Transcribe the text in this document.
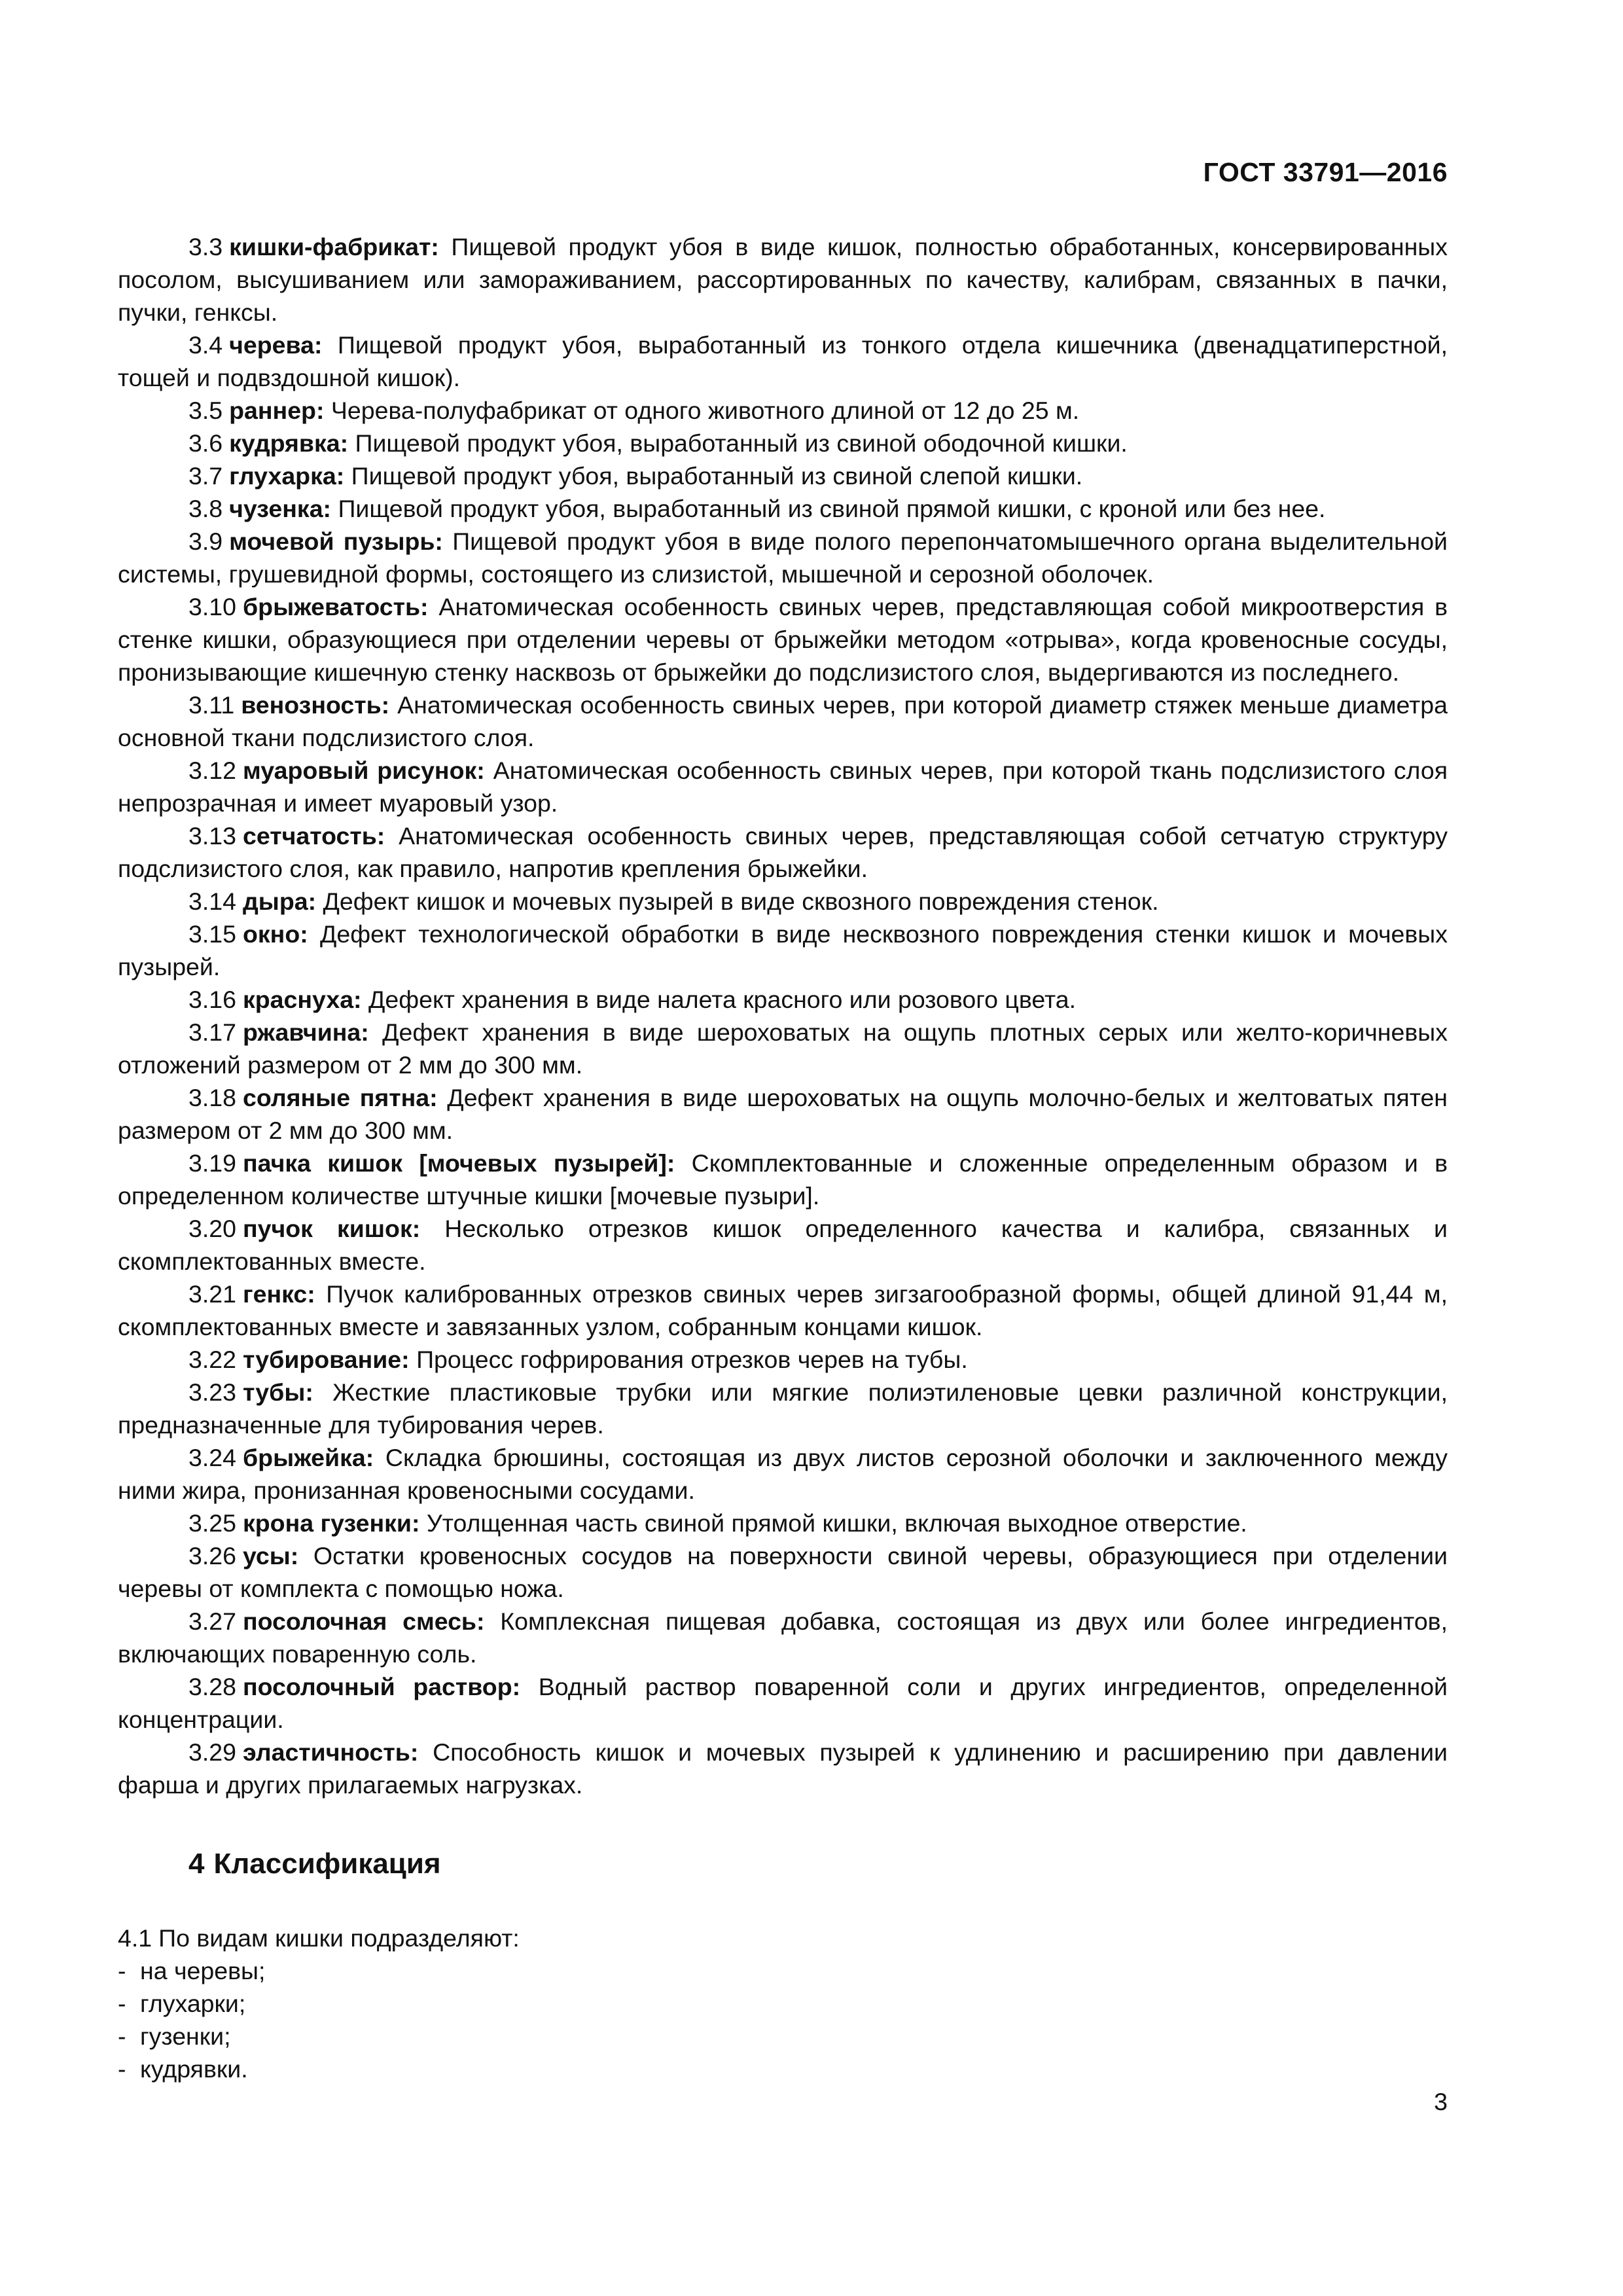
ГОСТ 33791—2016

3.3 кишки-фабрикат: Пищевой продукт убоя в виде кишок, полностью обработанных, консервированных посолом, высушиванием или замораживанием, рассортированных по качеству, калибрам, связанных в пачки, пучки, генксы.

3.4 черева: Пищевой продукт убоя, выработанный из тонкого отдела кишечника (двенадцатиперстной, тощей и подвздошной кишок).

3.5 раннер: Черева-полуфабрикат от одного животного длиной от 12 до 25 м.

3.6 кудрявка: Пищевой продукт убоя, выработанный из свиной ободочной кишки.

3.7 глухарка: Пищевой продукт убоя, выработанный из свиной слепой кишки.

3.8 чузенка: Пищевой продукт убоя, выработанный из свиной прямой кишки, с кроной или без нее.

3.9 мочевой пузырь: Пищевой продукт убоя в виде полого перепончатомышечного органа выделительной системы, грушевидной формы, состоящего из слизистой, мышечной и серозной оболочек.

3.10 брыжеватость: Анатомическая особенность свиных черев, представляющая собой микроотверстия в стенке кишки, образующиеся при отделении черевы от брыжейки методом «отрыва», когда кровеносные сосуды, пронизывающие кишечную стенку насквозь от брыжейки до подслизистого слоя, выдергиваются из последнего.

3.11 венозность: Анатомическая особенность свиных черев, при которой диаметр стяжек меньше диаметра основной ткани подслизистого слоя.

3.12 муаровый рисунок: Анатомическая особенность свиных черев, при которой ткань подслизистого слоя непрозрачная и имеет муаровый узор.

3.13 сетчатость: Анатомическая особенность свиных черев, представляющая собой сетчатую структуру подслизистого слоя, как правило, напротив крепления брыжейки.

3.14 дыра: Дефект кишок и мочевых пузырей в виде сквозного повреждения стенок.

3.15 окно: Дефект технологической обработки в виде несквозного повреждения стенки кишок и мочевых пузырей.

3.16 краснуха: Дефект хранения в виде налета красного или розового цвета.

3.17 ржавчина: Дефект хранения в виде шероховатых на ощупь плотных серых или желто-коричневых отложений размером от 2 мм до 300 мм.

3.18 соляные пятна: Дефект хранения в виде шероховатых на ощупь молочно-белых и желтоватых пятен размером от 2 мм до 300 мм.

3.19 пачка кишок [мочевых пузырей]: Скомплектованные и сложенные определенным образом и в определенном количестве штучные кишки [мочевые пузыри].

3.20 пучок кишок: Несколько отрезков кишок определенного качества и калибра, связанных и скомплектованных вместе.

3.21 генкс: Пучок калиброванных отрезков свиных черев зигзагообразной формы, общей длиной 91,44 м, скомплектованных вместе и завязанных узлом, собранным концами кишок.

3.22 тубирование: Процесс гофрирования отрезков черев на тубы.

3.23 тубы: Жесткие пластиковые трубки или мягкие полиэтиленовые цевки различной конструкции, предназначенные для тубирования черев.

3.24 брыжейка: Складка брюшины, состоящая из двух листов серозной оболочки и заключенного между ними жира, пронизанная кровеносными сосудами.

3.25 крона гузенки: Утолщенная часть свиной прямой кишки, включая выходное отверстие.

3.26 усы: Остатки кровеносных сосудов на поверхности свиной черевы, образующиеся при отделении черевы от комплекта с помощью ножа.

3.27 посолочная смесь: Комплексная пищевая добавка, состоящая из двух или более ингредиентов, включающих поваренную соль.

3.28 посолочный раствор: Водный раствор поваренной соли и других ингредиентов, определенной концентрации.

3.29 эластичность: Способность кишок и мочевых пузырей к удлинению и расширению при давлении фарша и других прилагаемых нагрузках.

4 Классификация

4.1 По видам кишки подразделяют:

- на черевы;
- глухарки;
- гузенки;
- кудрявки.
3
